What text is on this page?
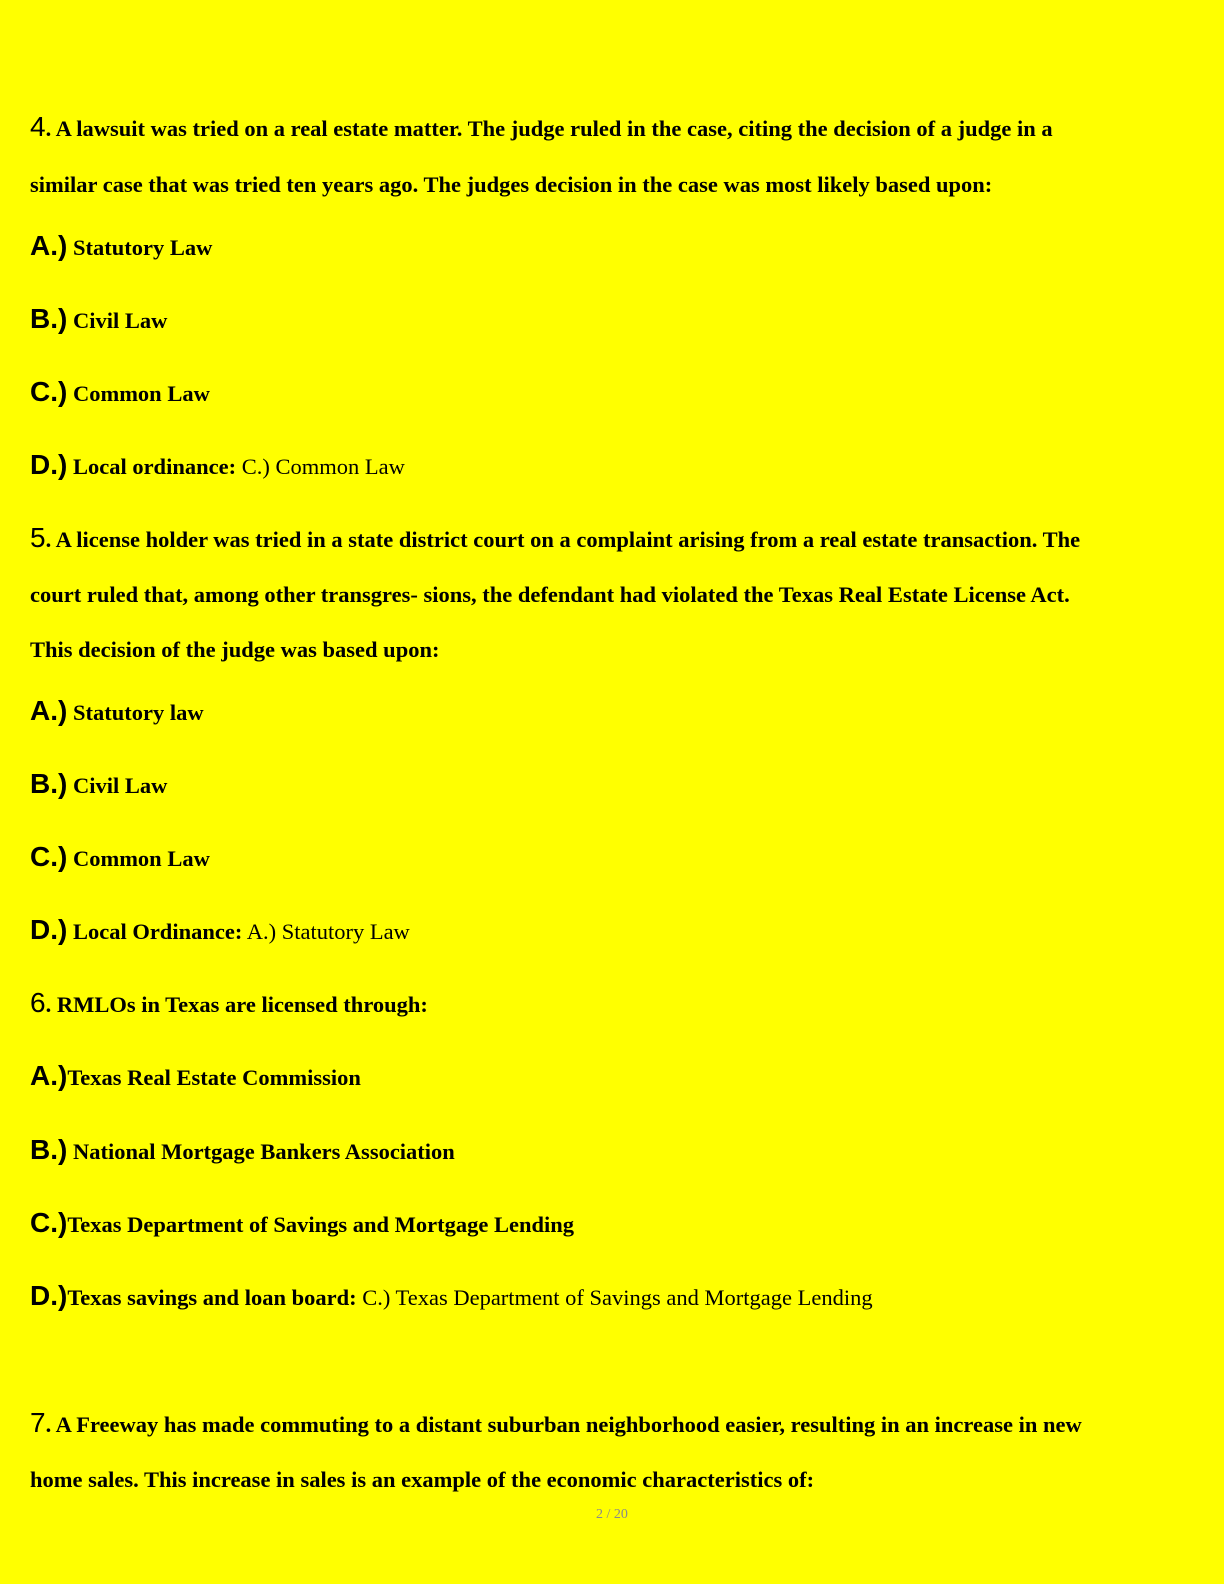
4. A lawsuit was tried on a real estate matter. The judge ruled in the case, citing the decision of a judge in a
similar case that was tried ten years ago. The judges decision in the case was most likely based upon:
A.) Statutory Law
B.) Civil Law
C.) Common Law
D.) Local ordinance: C.) Common Law
5. A license holder was tried in a state district court on a complaint arising from a real estate transaction. The
court ruled that, among other transgres- sions, the defendant had violated the Texas Real Estate License Act.
This decision of the judge was based upon:
A.) Statutory law
B.) Civil Law
C.) Common Law
D.) Local Ordinance: A.) Statutory Law
6. RMLOs in Texas are licensed through:
A.)Texas Real Estate Commission
B.) National Mortgage Bankers Association
C.)Texas Department of Savings and Mortgage Lending
D.)Texas savings and loan board: C.) Texas Department of Savings and Mortgage Lending
7. A Freeway has made commuting to a distant suburban neighborhood easier, resulting in an increase in new
home sales. This increase in sales is an example of the economic characteristics of:
2 / 20
